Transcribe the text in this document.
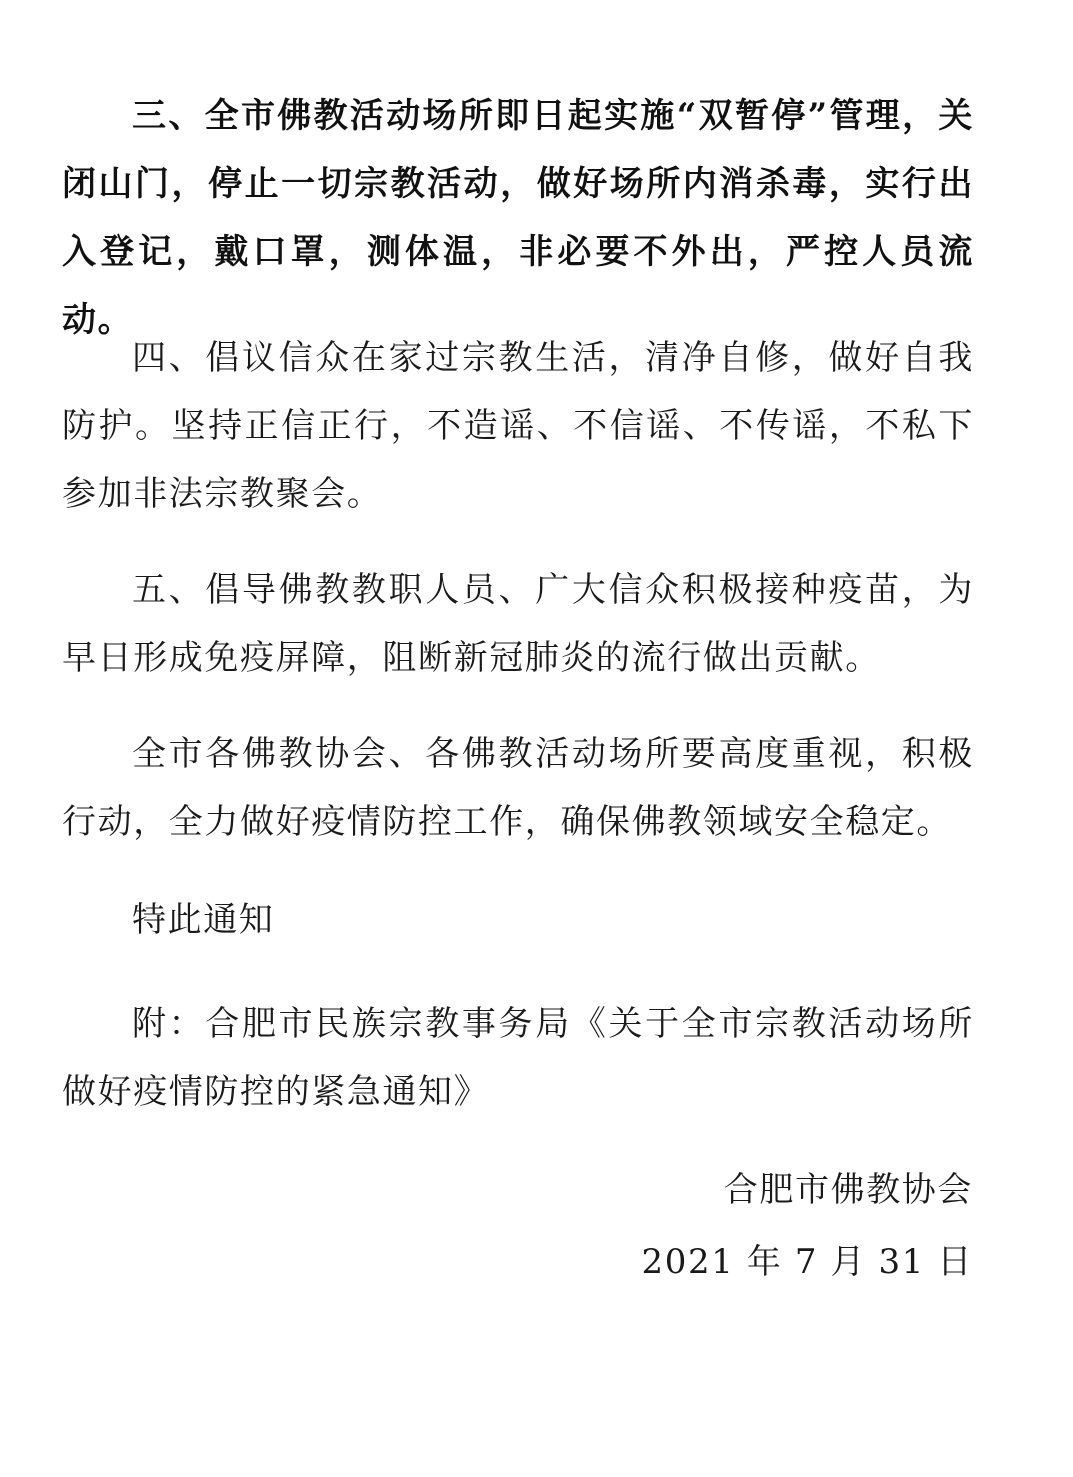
三、全市佛教活动场所即日起实施“双暂停”管理，关闭山门，停止一切宗教活动，做好场所内消杀毒，实行出入登记，戴口罩，测体温，非必要不外出，严控人员流动。

四、倡议信众在家过宗教生活，清净自修，做好自我防护。坚持正信正行，不造谣、不信谣、不传谣，不私下参加非法宗教聚会。

五、倡导佛教教职人员、广大信众积极接种疫苗，为早日形成免疫屏障，阻断新冠肺炎的流行做出贡献。

全市各佛教协会、各佛教活动场所要高度重视，积极行动，全力做好疫情防控工作，确保佛教领域安全稳定。

特此通知

附：合肥市民族宗教事务局《关于全市宗教活动场所做好疫情防控的紧急通知》

合肥市佛教协会

2021 年 7 月 31 日
